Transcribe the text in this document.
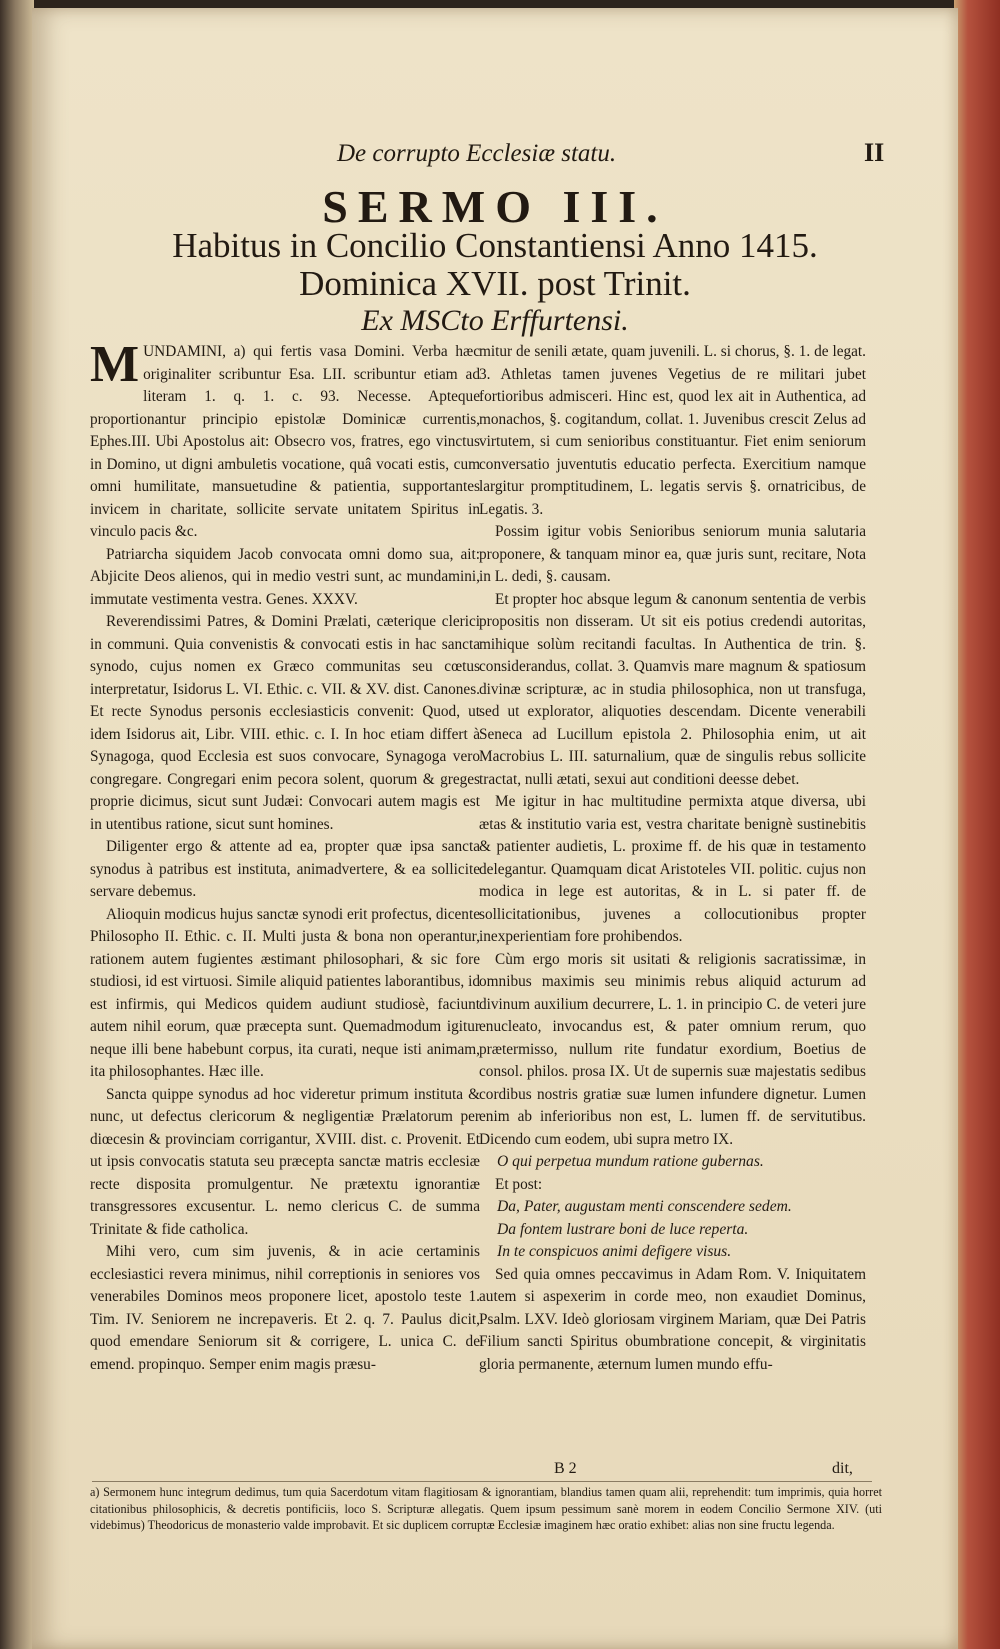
De corrupto Ecclesiæ statu.	II
SERMO III.
Habitus in Concilio Constantiensi Anno 1415.
Dominica XVII. post Trinit.
Ex MSCto Erffurtensi.

MUNDAMINI, a) qui fertis vasa Domini. Verba hæc originaliter scribuntur Esa. LII. scribuntur etiam ad literam 1. q. 1. c. 93. Necesse. Apteque proportionantur principio epistolæ Dominicæ currentis, Ephes.III. Ubi Apostolus ait: Obsecro vos, fratres, ego vinctus in Domino, ut digni ambuletis vocatione, quâ vocati estis, cum omni humilitate, mansuetudine & patientia, supportantes invicem in charitate, sollicite servate unitatem Spiritus in vinculo pacis &c.

Patriarcha siquidem Jacob convocata omni domo sua, ait: Abjicite Deos alienos, qui in medio vestri sunt, ac mundamini, immutate vestimenta vestra. Genes. XXXV.

Reverendissimi Patres, & Domini Prælati, cæterique clerici in communi. Quia convenistis & convocati estis in hac sancta synodo, cujus nomen ex Græco communitas seu cœtus interpretatur, Isidorus L. VI. Ethic. c. VII. & XV. dist. Canones. Et recte Synodus personis ecclesiasticis convenit: Quod, ut idem Isidorus ait, Libr. VIII. ethic. c. I. In hoc etiam differt à Synagoga, quod Ecclesia est suos convocare, Synagoga vero congregare. Congregari enim pecora solent, quorum & greges proprie dicimus, sicut sunt Judæi: Convocari autem magis est in utentibus ratione, sicut sunt homines.

Diligenter ergo & attente ad ea, propter quæ ipsa sancta synodus à patribus est instituta, animadvertere, & ea sollicite servare debemus.

Alioquin modicus hujus sanctæ synodi erit profectus, dicente Philosopho II. Ethic. c. II. Multi justa & bona non operantur, rationem autem fugientes æstimant philosophari, & sic fore studiosi, id est virtuosi. Simile aliquid patientes laborantibus, id est infirmis, qui Medicos quidem audiunt studiosè, faciunt autem nihil eorum, quæ præcepta sunt. Quemadmodum igitur neque illi bene habebunt corpus, ita curati, neque isti animam, ita philosophantes. Hæc ille.

Sancta quippe synodus ad hoc videretur primum instituta & nunc, ut defectus clericorum & negligentiæ Prælatorum per diœcesin & provinciam corrigantur, XVIII. dist. c. Provenit. Et ut ipsis convocatis statuta seu præcepta sanctæ matris ecclesiæ recte disposita promulgentur. Ne prætextu ignorantiæ transgressores excusentur. L. nemo clericus C. de summa Trinitate & fide catholica.

Mihi vero, cum sim juvenis, & in acie certaminis ecclesiastici revera minimus, nihil correptionis in seniores vos venerabiles Dominos meos proponere licet, apostolo teste 1. Tim. IV. Seniorem ne increpaveris. Et 2. q. 7. Paulus dicit, quod emendare Seniorum sit & corrigere, L. unica C. de emend. propinquo. Semper enim magis præsu-

mitur de senili ætate, quam juvenili. L. si chorus, §. 1. de legat. 3. Athletas tamen juvenes Vegetius de re militari jubet fortioribus admisceri. Hinc est, quod lex ait in Authentica, ad monachos, §. cogitandum, collat. 1. Juvenibus crescit Zelus ad virtutem, si cum senioribus constituantur. Fiet enim seniorum conversatio juventutis educatio perfecta. Exercitium namque largitur promptitudinem, L. legatis servis §. ornatricibus, de Legatis. 3.

Possim igitur vobis Senioribus seniorum munia salutaria proponere, & tanquam minor ea, quæ juris sunt, recitare, Nota in L. dedi, §. causam.

Et propter hoc absque legum & canonum sententia de verbis propositis non disseram. Ut sit eis potius credendi autoritas, mihique solùm recitandi facultas. In Authentica de trin. §. considerandus, collat. 3. Quamvis mare magnum & spatiosum divinæ scripturæ, ac in studia philosophica, non ut transfuga, sed ut explorator, aliquoties descendam. Dicente venerabili Seneca ad Lucillum epistola 2. Philosophia enim, ut ait Macrobius L. III. saturnalium, quæ de singulis rebus sollicite tractat, nulli ætati, sexui aut conditioni deesse debet.

Me igitur in hac multitudine permixta atque diversa, ubi ætas & institutio varia est, vestra charitate benignè sustinebitis & patienter audietis, L. proxime ff. de his quæ in testamento delegantur. Quamquam dicat Aristoteles VII. politic. cujus non modica in lege est autoritas, & in L. si pater ff. de sollicitationibus, juvenes a collocutionibus propter inexperientiam fore prohibendos.

Cùm ergo moris sit usitati & religionis sacratissimæ, in omnibus maximis seu minimis rebus aliquid acturum ad divinum auxilium decurrere, L. 1. in principio C. de veteri jure enucleato, invocandus est, & pater omnium rerum, quo prætermisso, nullum rite fundatur exordium, Boetius de consol. philos. prosa IX. Ut de supernis suæ majestatis sedibus cordibus nostris gratiæ suæ lumen infundere dignetur. Lumen enim ab inferioribus non est, L. lumen ff. de servitutibus. Dicendo cum eodem, ubi supra metro IX.

O qui perpetua mundum ratione gubernas.

Et post:

Da, Pater, augustam menti conscendere sedem.

Da fontem lustrare boni de luce reperta.

In te conspicuos animi defigere visus.

Sed quia omnes peccavimus in Adam Rom. V. Iniquitatem autem si aspexerim in corde meo, non exaudiet Dominus, Psalm. LXV. Ideò gloriosam virginem Mariam, quæ Dei Patris Filium sancti Spiritus obumbratione concepit, & virginitatis gloria permanente, æternum lumen mundo effu-

B 2	dit,
a) Sermonem hunc integrum dedimus, tum quia Sacerdotum vitam flagitiosam & ignorantiam, blandius tamen quam alii, reprehendit: tum imprimis, quia horret citationibus philosophicis, & decretis pontificiis, loco S. Scripturæ allegatis. Quem ipsum pessimum sanè morem in eodem Concilio Sermone XIV. (uti videbimus) Theodoricus de monasterio valde improbavit. Et sic duplicem corruptæ Ecclesiæ imaginem hæc oratio exhibet: alias non sine fructu legenda.
